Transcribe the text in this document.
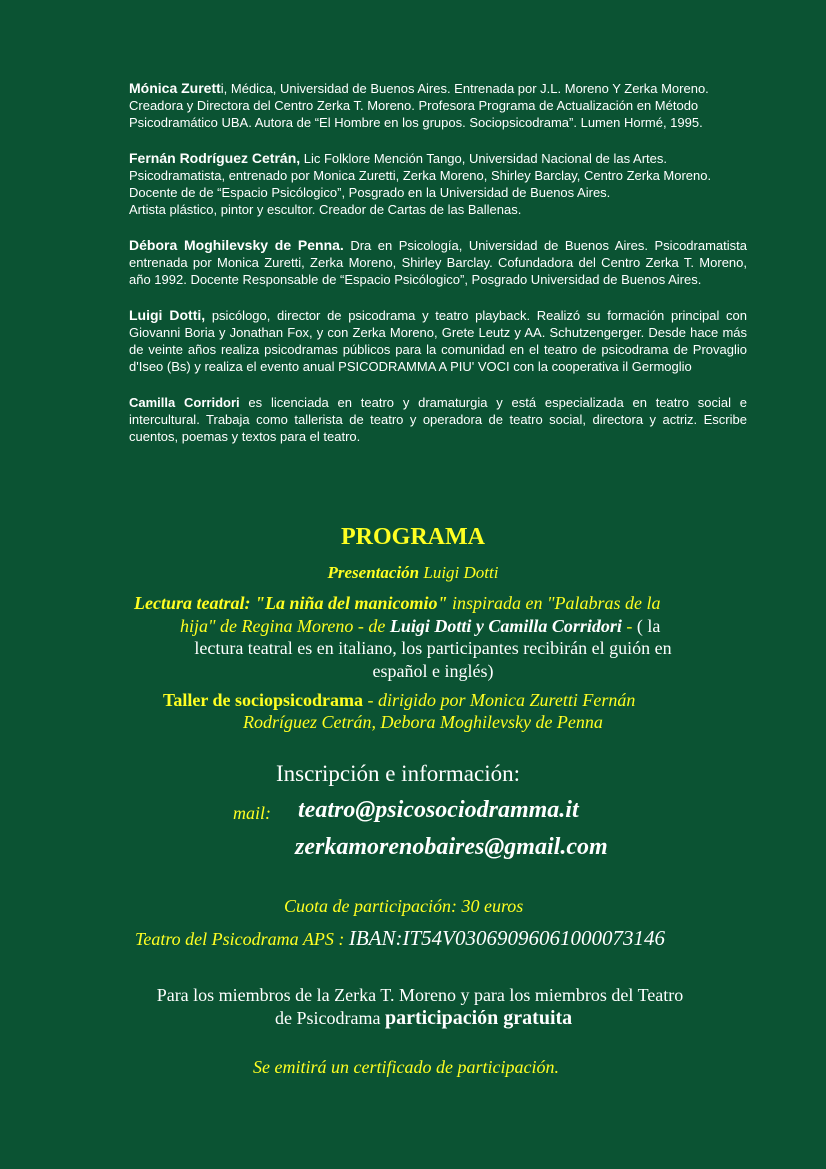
Mónica Zuretti, Médica, Universidad de Buenos Aires. Entrenada por J.L. Moreno Y Zerka Moreno. Creadora y Directora del Centro Zerka T. Moreno. Profesora Programa de Actualización en Método Psicodramático UBA. Autora de “El Hombre en los grupos. Sociopsicodrama”. Lumen Hormé, 1995.

Fernán Rodríguez Cetrán, Lic Folklore Mención Tango, Universidad Nacional de las Artes. Psicodramatista, entrenado por Monica Zuretti, Zerka Moreno, Shirley Barclay, Centro Zerka Moreno.
Docente de de “Espacio Psicólogico”, Posgrado en la Universidad de Buenos Aires.
Artista plástico, pintor y escultor. Creador de Cartas de las Ballenas.

Débora Moghilevsky de Penna. Dra en Psicología, Universidad de Buenos Aires. Psicodramatista entrenada por Monica Zuretti, Zerka Moreno, Shirley Barclay. Cofundadora del Centro Zerka T. Moreno, año 1992. Docente Responsable de “Espacio Psicólogico”, Posgrado Universidad de Buenos Aires.

Luigi Dotti, psicólogo, director de psicodrama y teatro playback. Realizó su formación principal con Giovanni Boria y Jonathan Fox, y con Zerka Moreno, Grete Leutz y AA. Schutzengerger. Desde hace más de veinte años realiza psicodramas públicos para la comunidad en el teatro de psicodrama de Provaglio d'Iseo (Bs) y realiza el evento anual PSICODRAMMA A PIU' VOCI con la cooperativa il Germoglio

Camilla Corridori es licenciada en teatro y dramaturgia y está especializada en teatro social e intercultural. Trabaja como tallerista de teatro y operadora de teatro social, directora y actriz. Escribe cuentos, poemas y textos para el teatro.

PROGRAMA
Presentación Luigi Dotti
Lectura teatral: "La niña del manicomio" inspirada en "Palabras de la
hija" de Regina Moreno - de Luigi Dotti y Camilla Corridori - ( la
lectura teatral es en italiano, los participantes recibirán el guión en
español e inglés)
Taller de sociopsicodrama - dirigido por Monica Zuretti Fernán
Rodríguez Cetrán, Debora Moghilevsky de Penna
Inscripción e información:
mail: teatro@psicosociodramma.it
zerkamorenobaires@gmail.com
Cuota de participación: 30 euros
Teatro del Psicodrama APS : IBAN:IT54V03069096061000073146
Para los miembros de la Zerka T. Moreno y para los miembros del Teatro
de Psicodrama participación gratuita
Se emitirá un certificado de participación.
